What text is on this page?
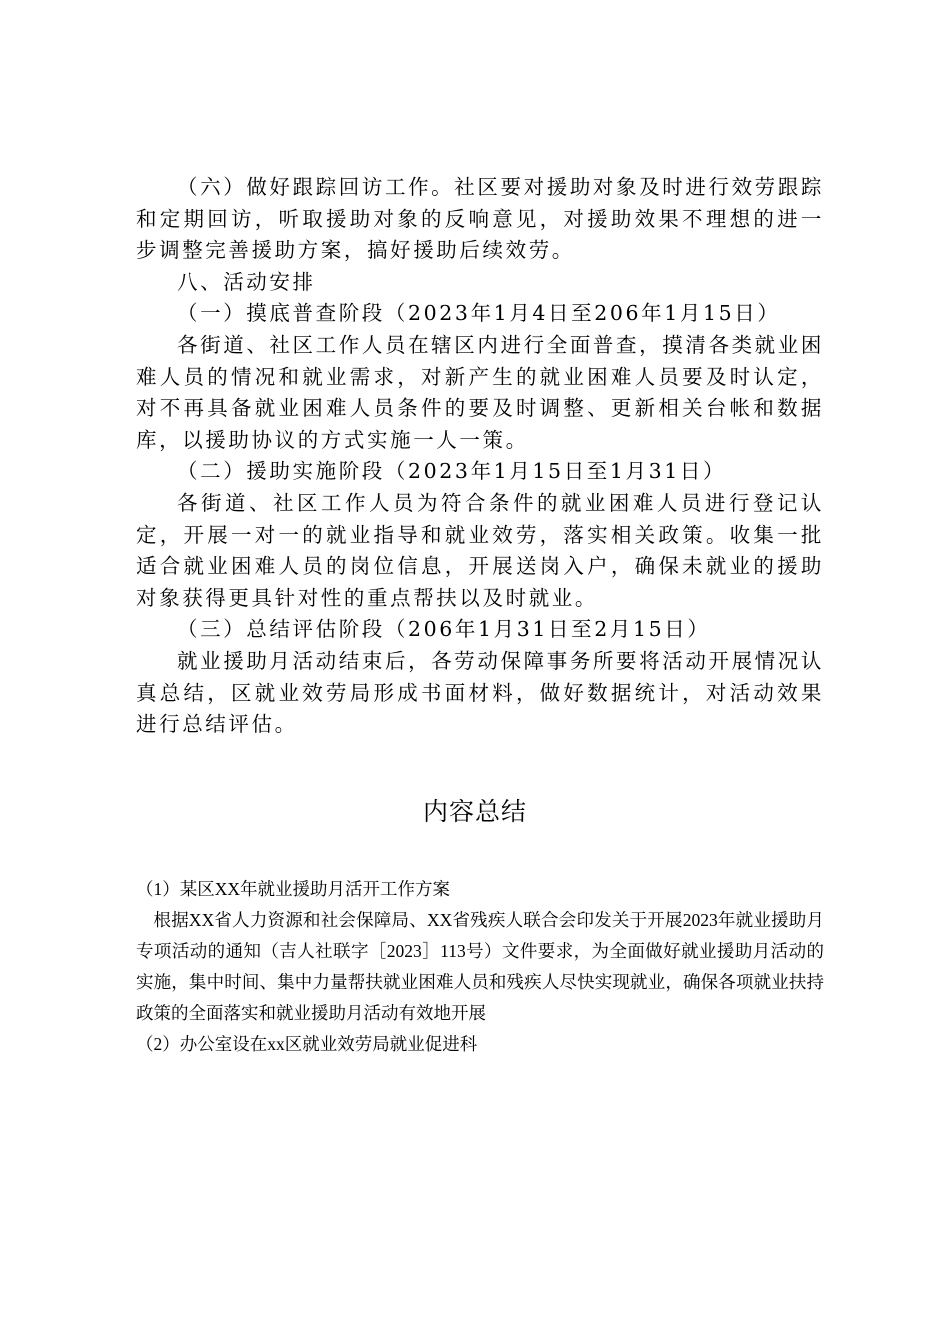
（六）做好跟踪回访工作。社区要对援助对象及时进行效劳跟踪和定期回访，听取援助对象的反响意见，对援助效果不理想的进一步调整完善援助方案，搞好援助后续效劳。

八、活动安排

（一）摸底普查阶段（2023年1月4日至206年1月15日）

各街道、社区工作人员在辖区内进行全面普查，摸清各类就业困难人员的情况和就业需求，对新产生的就业困难人员要及时认定，对不再具备就业困难人员条件的要及时调整、更新相关台帐和数据库，以援助协议的方式实施一人一策。

（二）援助实施阶段（2023年1月15日至1月31日）

各街道、社区工作人员为符合条件的就业困难人员进行登记认定，开展一对一的就业指导和就业效劳，落实相关政策。收集一批适合就业困难人员的岗位信息，开展送岗入户，确保未就业的援助对象获得更具针对性的重点帮扶以及时就业。

（三）总结评估阶段（206年1月31日至2月15日）

就业援助月活动结束后，各劳动保障事务所要将活动开展情况认真总结，区就业效劳局形成书面材料，做好数据统计，对活动效果进行总结评估。

内容总结

（1）某区XX年就业援助月活开工作方案

根据XX省人力资源和社会保障局、XX省残疾人联合会印发关于开展2023年就业援助月专项活动的通知（吉人社联字［2023］113号）文件要求，为全面做好就业援助月活动的实施，集中时间、集中力量帮扶就业困难人员和残疾人尽快实现就业，确保各项就业扶持政策的全面落实和就业援助月活动有效地开展

（2）办公室设在xx区就业效劳局就业促进科
